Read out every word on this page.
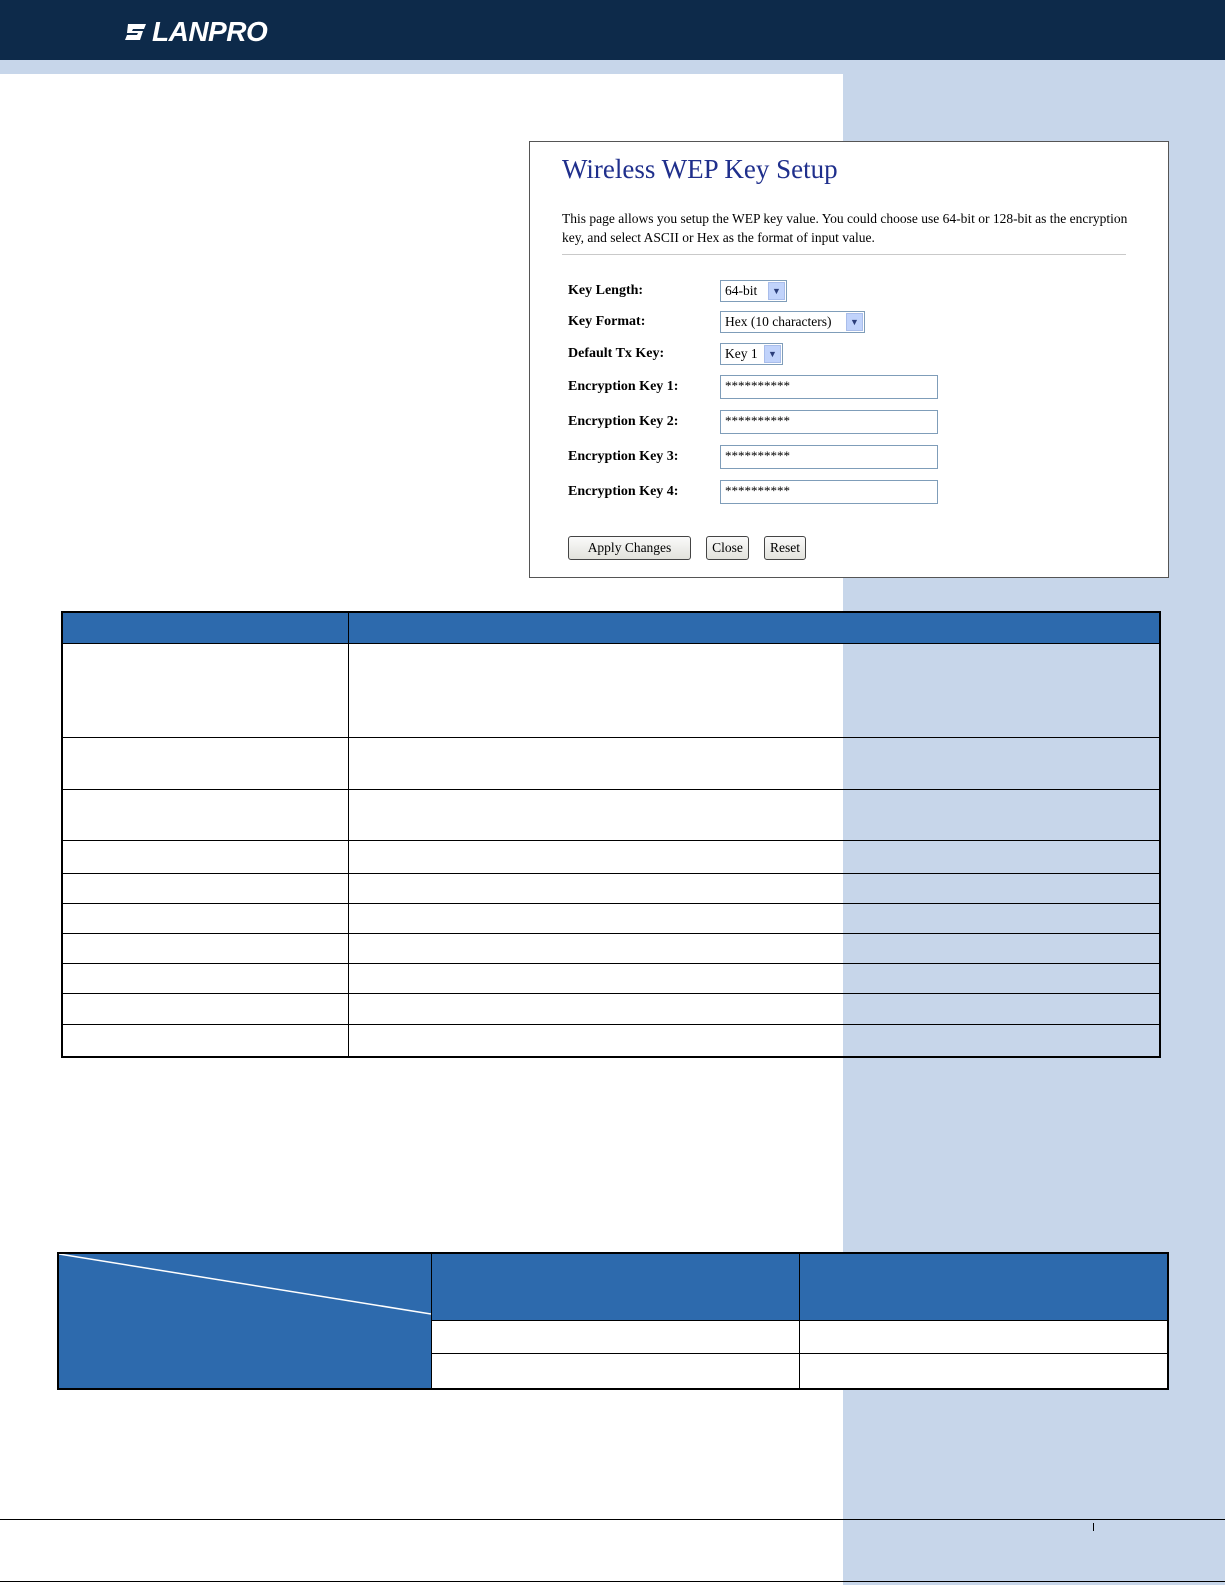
LANPRO
Wireless WEP Key Setup
This page allows you setup the WEP key value. You could choose use 64-bit or 128-bit as the encryption key, and select ASCII or Hex as the format of input value.
Key Length:	64-bit	▼
Key Format:	Hex (10 characters)	▼
Default Tx Key:	Key 1	▼
Encryption Key 1:	**********
Encryption Key 2:	**********
Encryption Key 3:	**********
Encryption Key 4:	**********
Apply Changes	Close	Reset
